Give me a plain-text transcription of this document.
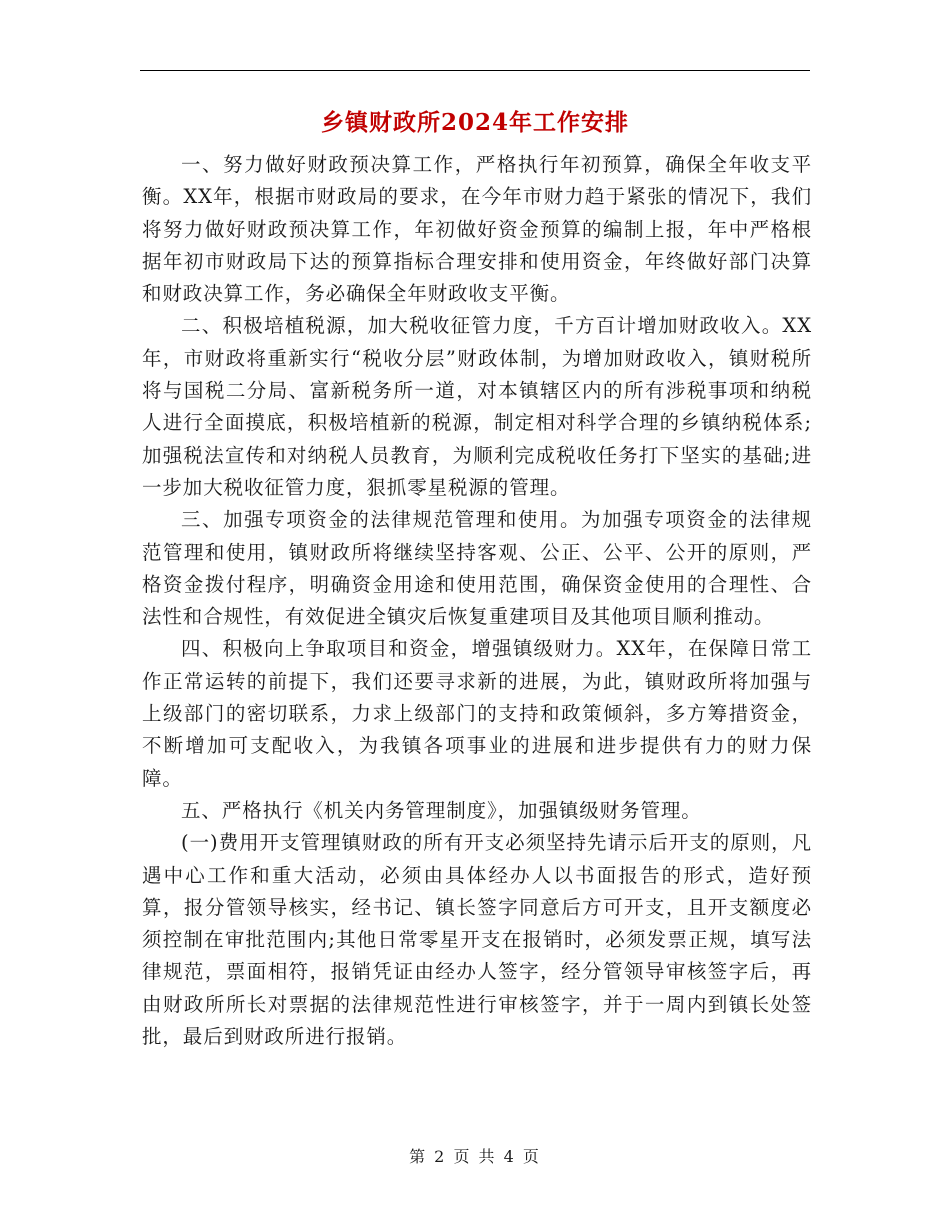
乡镇财政所2024年工作安排

一、努力做好财政预决算工作，严格执行年初预算，确保全年收支平衡。XX年，根据市财政局的要求，在今年市财力趋于紧张的情况下，我们将努力做好财政预决算工作，年初做好资金预算的编制上报，年中严格根据年初市财政局下达的预算指标合理安排和使用资金，年终做好部门决算和财政决算工作，务必确保全年财政收支平衡。

二、积极培植税源，加大税收征管力度，千方百计增加财政收入。XX年，市财政将重新实行“税收分层”财政体制，为增加财政收入，镇财税所将与国税二分局、富新税务所一道，对本镇辖区内的所有涉税事项和纳税人进行全面摸底，积极培植新的税源，制定相对科学合理的乡镇纳税体系;加强税法宣传和对纳税人员教育，为顺利完成税收任务打下坚实的基础;进一步加大税收征管力度，狠抓零星税源的管理。

三、加强专项资金的法律规范管理和使用。为加强专项资金的法律规范管理和使用，镇财政所将继续坚持客观、公正、公平、公开的原则，严格资金拨付程序，明确资金用途和使用范围，确保资金使用的合理性、合法性和合规性，有效促进全镇灾后恢复重建项目及其他项目顺利推动。

四、积极向上争取项目和资金，增强镇级财力。XX年，在保障日常工作正常运转的前提下，我们还要寻求新的进展，为此，镇财政所将加强与上级部门的密切联系，力求上级部门的支持和政策倾斜，多方筹措资金，不断增加可支配收入，为我镇各项事业的进展和进步提供有力的财力保障。

五、严格执行《机关内务管理制度》，加强镇级财务管理。

(一)费用开支管理镇财政的所有开支必须坚持先请示后开支的原则，凡遇中心工作和重大活动，必须由具体经办人以书面报告的形式，造好预算，报分管领导核实，经书记、镇长签字同意后方可开支，且开支额度必须控制在审批范围内;其他日常零星开支在报销时，必须发票正规，填写法律规范，票面相符，报销凭证由经办人签字，经分管领导审核签字后，再由财政所所长对票据的法律规范性进行审核签字，并于一周内到镇长处签批，最后到财政所进行报销。

第 2 页 共 4 页
